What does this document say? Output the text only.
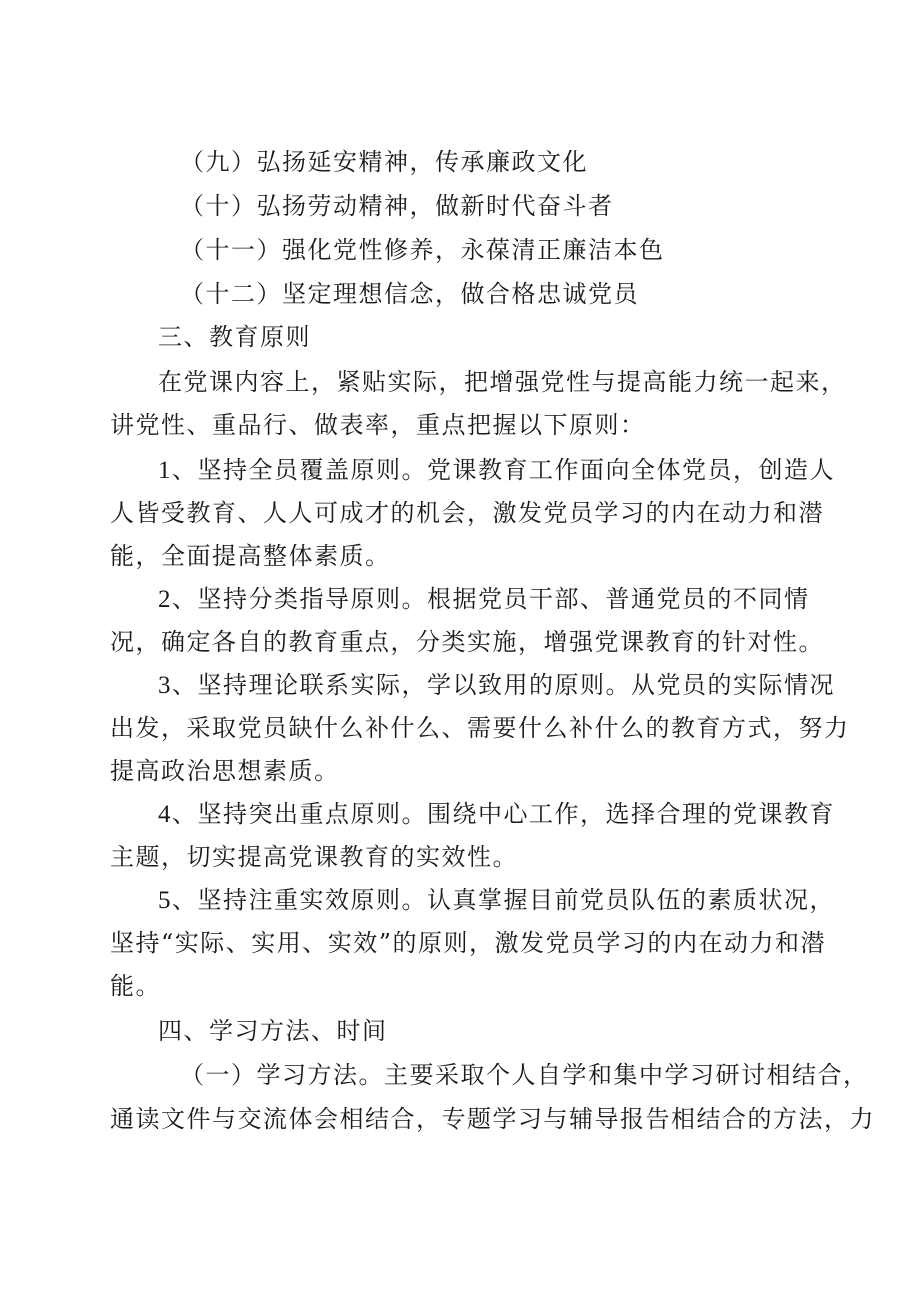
（九）弘扬延安精神，传承廉政文化
（十）弘扬劳动精神，做新时代奋斗者
（十一）强化党性修养，永葆清正廉洁本色
（十二）坚定理想信念，做合格忠诚党员
三、教育原则
在党课内容上，紧贴实际，把增强党性与提高能力统一起来，
讲党性、重品行、做表率，重点把握以下原则：
1、坚持全员覆盖原则。党课教育工作面向全体党员，创造人
人皆受教育、人人可成才的机会，激发党员学习的内在动力和潜
能，全面提高整体素质。
2、坚持分类指导原则。根据党员干部、普通党员的不同情
况，确定各自的教育重点，分类实施，增强党课教育的针对性。
3、坚持理论联系实际，学以致用的原则。从党员的实际情况
出发，采取党员缺什么补什么、需要什么补什么的教育方式，努力
提高政治思想素质。
4、坚持突出重点原则。围绕中心工作，选择合理的党课教育
主题，切实提高党课教育的实效性。
5、坚持注重实效原则。认真掌握目前党员队伍的素质状况，
坚持“实际、实用、实效”的原则，激发党员学习的内在动力和潜
能。
四、学习方法、时间
（一）学习方法。主要采取个人自学和集中学习研讨相结合，
通读文件与交流体会相结合，专题学习与辅导报告相结合的方法，力
